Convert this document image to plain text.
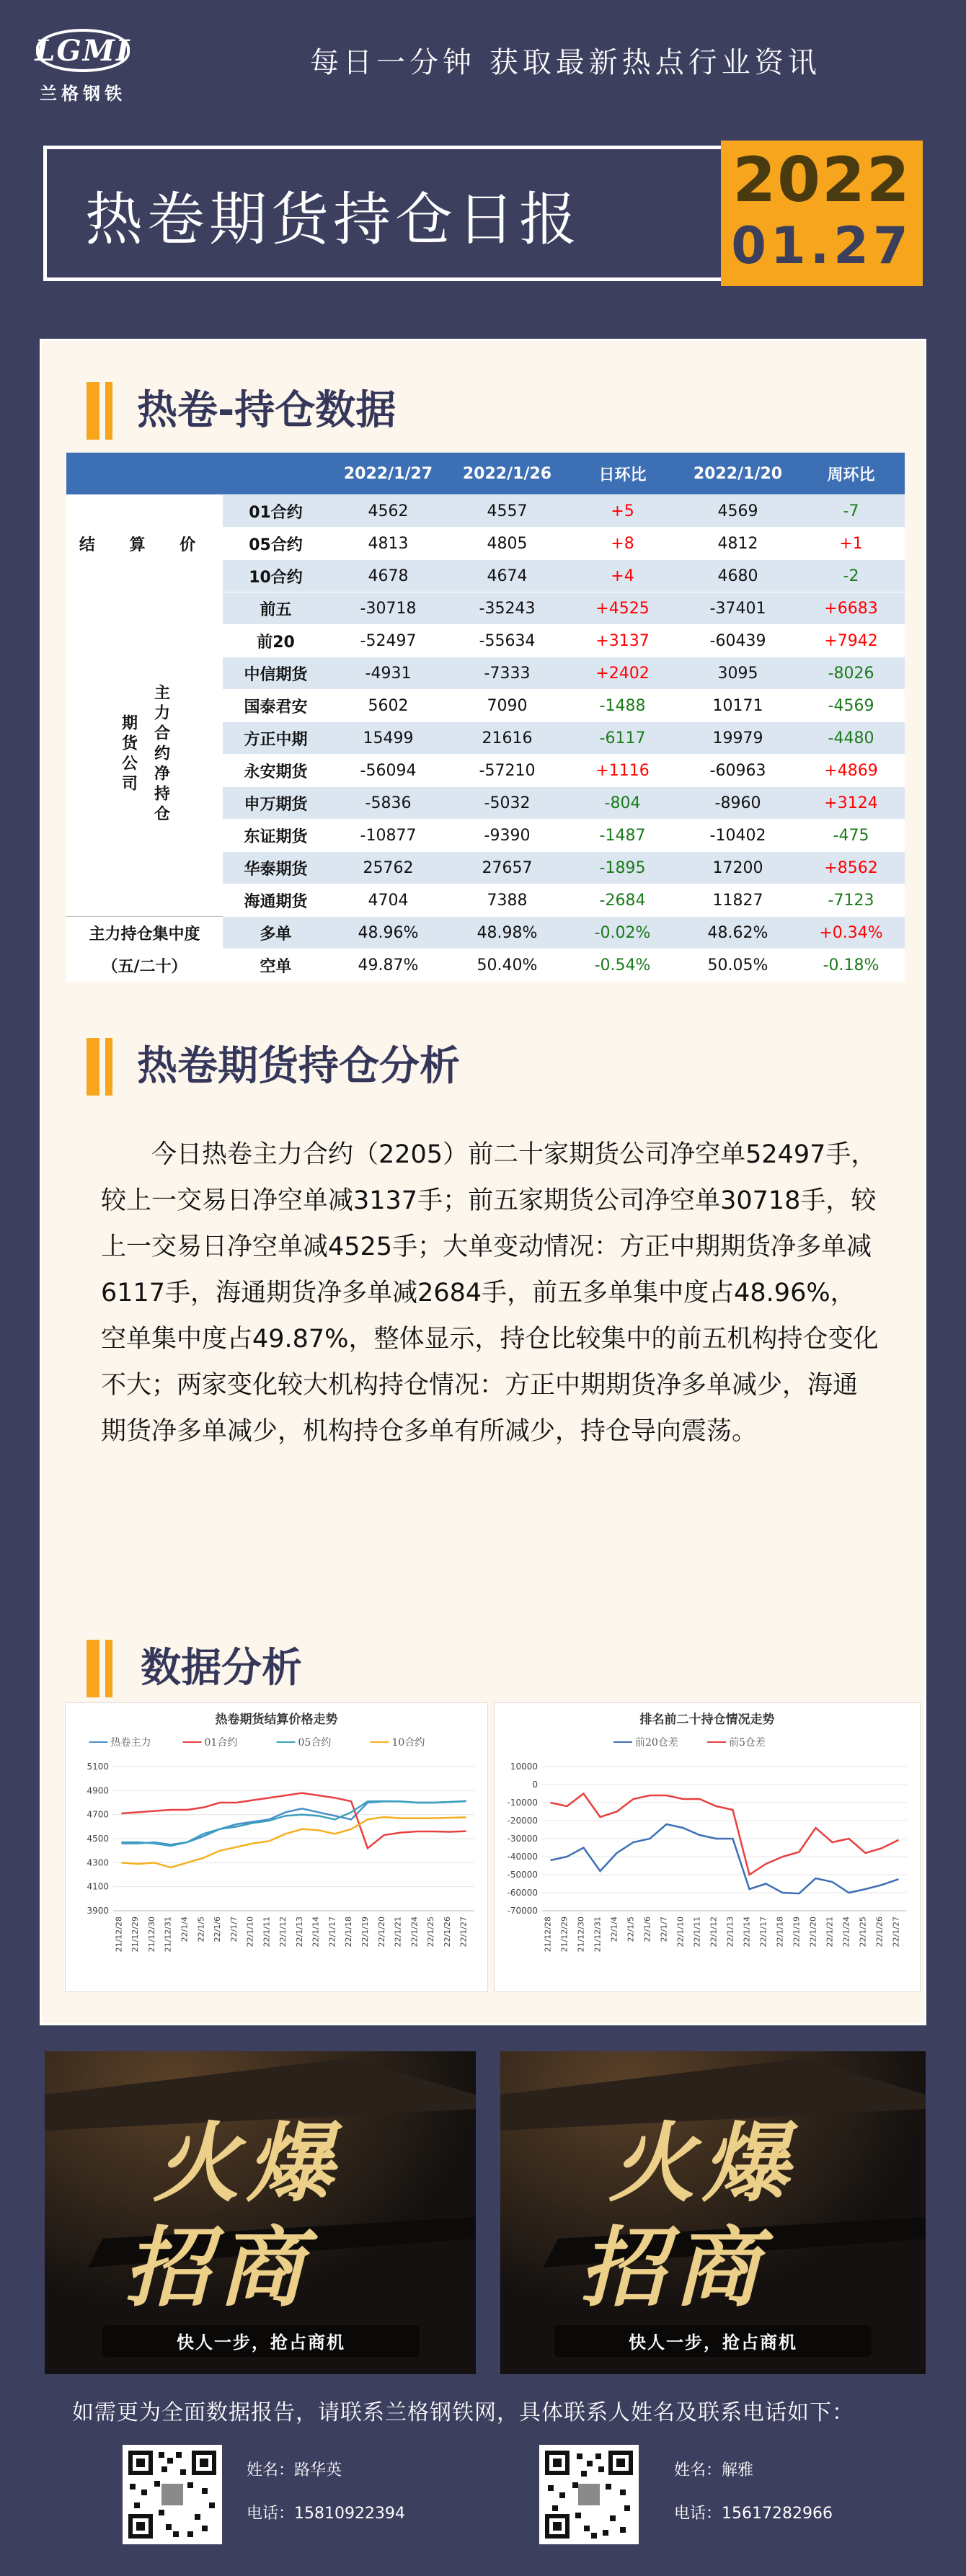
LGMI
兰格钢铁
每日一分钟 获取最新热点行业资讯
热卷期货持仓日报
2022
01.27
热卷-持仓数据
		2022/1/27	2022/1/26	日环比	2022/1/20	周环比
结 算 价	01合约	4562	4557	+5	4569	-7
	05合约	4813	4805	+8	4812	+1
	10合约	4678	4674	+4	4680	-2
期货公司 主力合约净持仓	前五	-30718	-35243	+4525	-37401	+6683
	前20	-52497	-55634	+3137	-60439	+7942
	中信期货	-4931	-7333	+2402	3095	-8026
	国泰君安	5602	7090	-1488	10171	-4569
	方正中期	15499	21616	-6117	19979	-4480
	永安期货	-56094	-57210	+1116	-60963	+4869
	申万期货	-5836	-5032	-804	-8960	+3124
	东证期货	-10877	-9390	-1487	-10402	-475
	华泰期货	25762	27657	-1895	17200	+8562
	海通期货	4704	7388	-2684	11827	-7123
主力持仓集中度	多单	48.96%	48.98%	-0.02%	48.62%	+0.34%
（五/二十）	空单	49.87%	50.40%	-0.54%	50.05%	-0.18%
热卷期货持仓分析
今日热卷主力合约（2205）前二十家期货公司净空单52497手，较上一交易日净空单减3137手；前五家期货公司净空单30718手，较上一交易日净空单减4525手；大单变动情况：方正中期期货净多单减6117手，海通期货净多单减2684手，前五多单集中度占48.96%，空单集中度占49.87%，整体显示，持仓比较集中的前五机构持仓变化不大；两家变化较大机构持仓情况：方正中期期货净多单减少，海通期货净多单减少，机构持仓多单有所减少，持仓导向震荡。
数据分析
热卷期货结算价格走势
热卷主力	01合约	05合约	10合约
3900
4100
4300
4500
4700
4900
5100
21/12/28 21/12/29 21/12/30 21/12/31 22/1/4 22/1/5 22/1/6 22/1/7 22/1/10 22/1/11 22/1/12 22/1/13 22/1/14 22/1/17 22/1/18 22/1/19 22/1/20 22/1/21 22/1/24 22/1/25 22/1/26 22/1/27
排名前二十持仓情况走势
前20仓差	前5仓差
-70000
-60000
-50000
-40000
-30000
-20000
-10000
0
10000
21/12/28 21/12/29 21/12/30 21/12/31 22/1/4 22/1/5 22/1/6 22/1/7 22/1/10 22/1/11 22/1/12 22/1/13 22/1/14 22/1/17 22/1/18 22/1/19 22/1/20 22/1/21 22/1/24 22/1/25 22/1/26 22/1/27
火爆
招商
快人一步，抢占商机
火爆
招商
快人一步，抢占商机
如需更为全面数据报告，请联系兰格钢铁网，具体联系人姓名及联系电话如下：
姓名：路华英
电话：15810922394
姓名：解雅
电话：15617282966
